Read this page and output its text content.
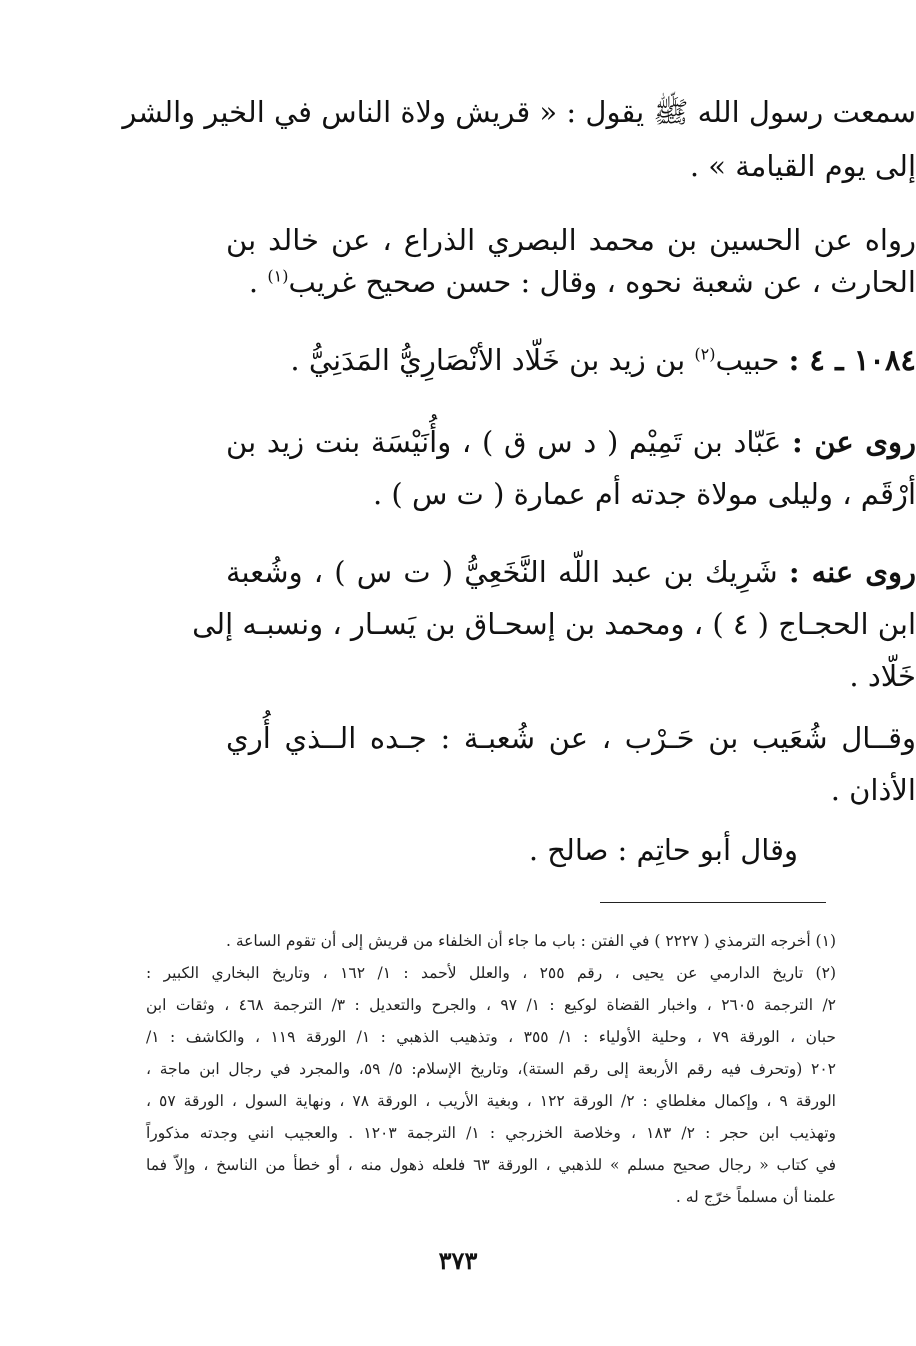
سمعت رسول الله ﷺ يقول : « قريش ولاة الناس في الخير والشر
إلى يوم القيامة » .
رواه عن الحسين بن محمد البصري الذراع ، عن خالد بن
الحارث ، عن شعبة نحوه ، وقال : حسن صحيح غريب$^{(١)}$ .
١٠٨٤ ـ ٤ : حبيب$^{(٢)}$ بن زيد بن خَلّاد الأنْصَارِيُّ المَدَنِيُّ .
روى عن : عَبّاد بن تَمِيْم ( د س ق ) ، وأُنَيْسَة بنت زيد بن
أرْقَم ، وليلى مولاة جدته أم عمارة ( ت س ) .
روى عنه : شَرِيك بن عبد اللّه النَّخَعِيُّ ( ت س ) ، وشُعبة
ابن الحجـاج ( ٤ ) ، ومحمد بن إسحـاق بن يَسـار ، ونسبـه إلى
خَلّاد .
وقــال شُعَيب بن حَـرْب ، عن شُعبـة : جـده الــذي أُري
الأذان .
وقال أبو حاتِم : صالح .
(١) أخرجه الترمذي ( ٢٢٢٧ ) في الفتن : باب ما جاء أن الخلفاء من قريش إلى أن تقوم الساعة .
(٢) تاريخ الدارمي عن يحيى ، رقم ٢٥٥ ، والعلل لأحمد : ١/ ١٦٢ ، وتاريخ البخاري الكبير :
٢/ الترجمة ٢٦٠٥ ، واخبار القضاة لوكيع : ١/ ٩٧ ، والجرح والتعديل : ٣/ الترجمة ٤٦٨ ، وثقات ابن
حبان ، الورقة ٧٩ ، وحلية الأولياء : ١/ ٣٥٥ ، وتذهيب الذهبي : ١/ الورقة ١١٩ ، والكاشف : ١/
٢٠٢ (وتحرف فيه رقم الأربعة إلى رقم الستة)، وتاريخ الإسلام: ٥/ ٥٩، والمجرد في رجال ابن ماجة ،
الورقة ٩ ، وإكمال مغلطاي : ٢/ الورقة ١٢٢ ، وبغية الأريب ، الورقة ٧٨ ، ونهاية السول ، الورقة ٥٧ ،
وتهذيب ابن حجر : ٢/ ١٨٣ ، وخلاصة الخزرجي : ١/ الترجمة ١٢٠٣ . والعجيب انني وجدته مذكوراً
في كتاب « رجال صحيح مسلم » للذهبي ، الورقة ٦٣ فلعله ذهول منه ، أو خطأ من الناسخ ، وإلاّ فما
علمنا أن مسلماً خرّج له .
٣٧٣
